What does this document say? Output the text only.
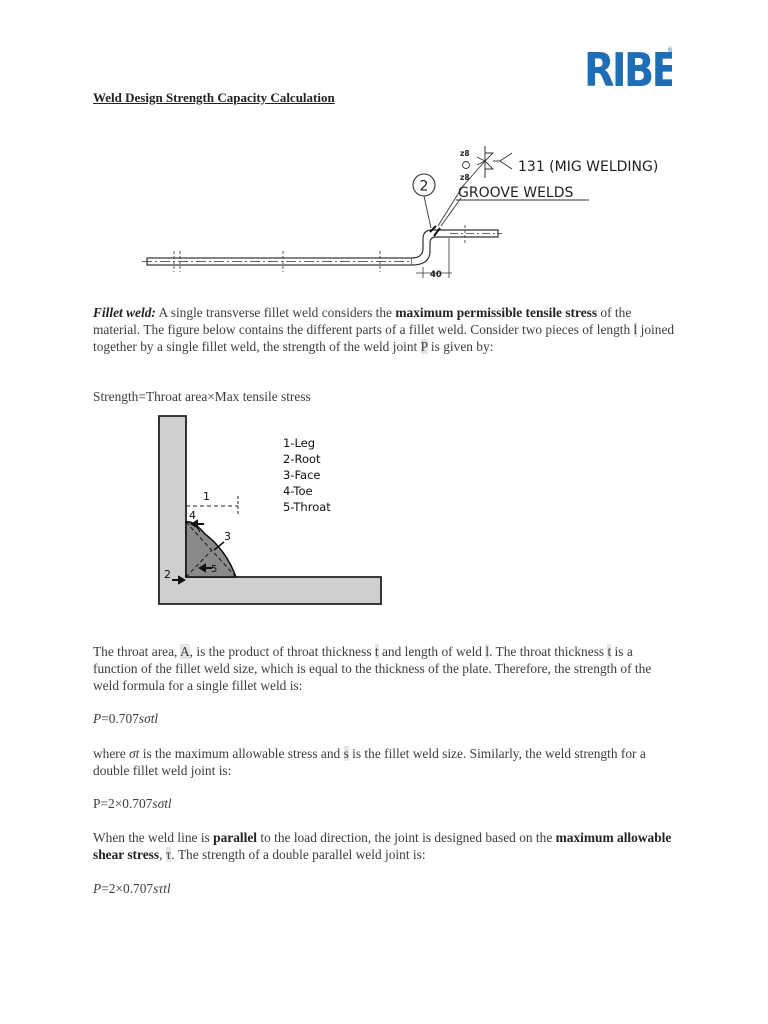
RIBE
®
Weld Design Strength Capacity Calculation
40
2
z8
z8
131 (MIG WELDING)
GROOVE WELDS
Fillet weld: A single transverse fillet weld considers the maximum permissible tensile stress of the material. The figure below contains the different parts of a fillet weld. Consider two pieces of length l joined together by a single fillet weld, the strength of the weld joint P is given by:
Strength=Throat area×Max tensile stress
1
4
3
5
2
1-Leg
2-Root
3-Face
4-Toe
5-Throat
The throat area, A, is the product of throat thickness t and length of weld l. The throat thickness t is a function of the fillet weld size, which is equal to the thickness of the plate. Therefore, the strength of the weld formula for a single fillet weld is:
P=0.707sσtl
where σt is the maximum allowable stress and s is the fillet weld size. Similarly, the weld strength for a double fillet weld joint is:
P=2×0.707sσtl
When the weld line is parallel to the load direction, the joint is designed based on the maximum allowable shear stress, τ. The strength of a double parallel weld joint is:
P=2×0.707sτtl
